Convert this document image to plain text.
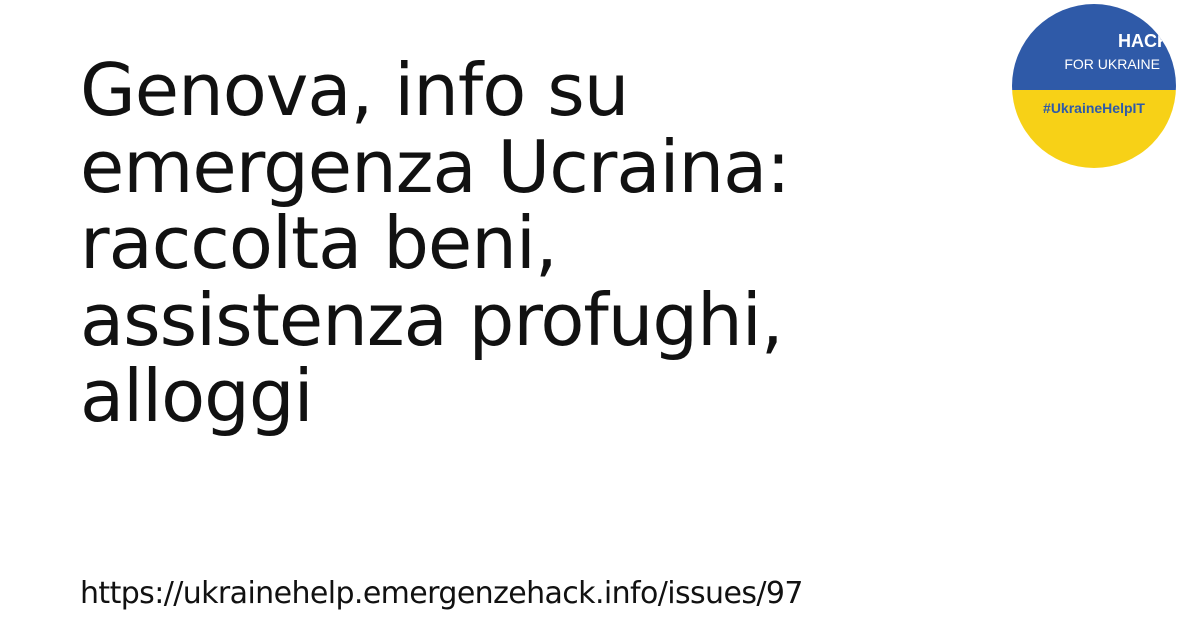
Genova, info su
emergenza Ucraina:
raccolta beni,
assistenza profughi,
alloggi
https://ukrainehelp.emergenzehack.info/issues/97
HACK
FOR UKRAINE
#UkraineHelpIT
